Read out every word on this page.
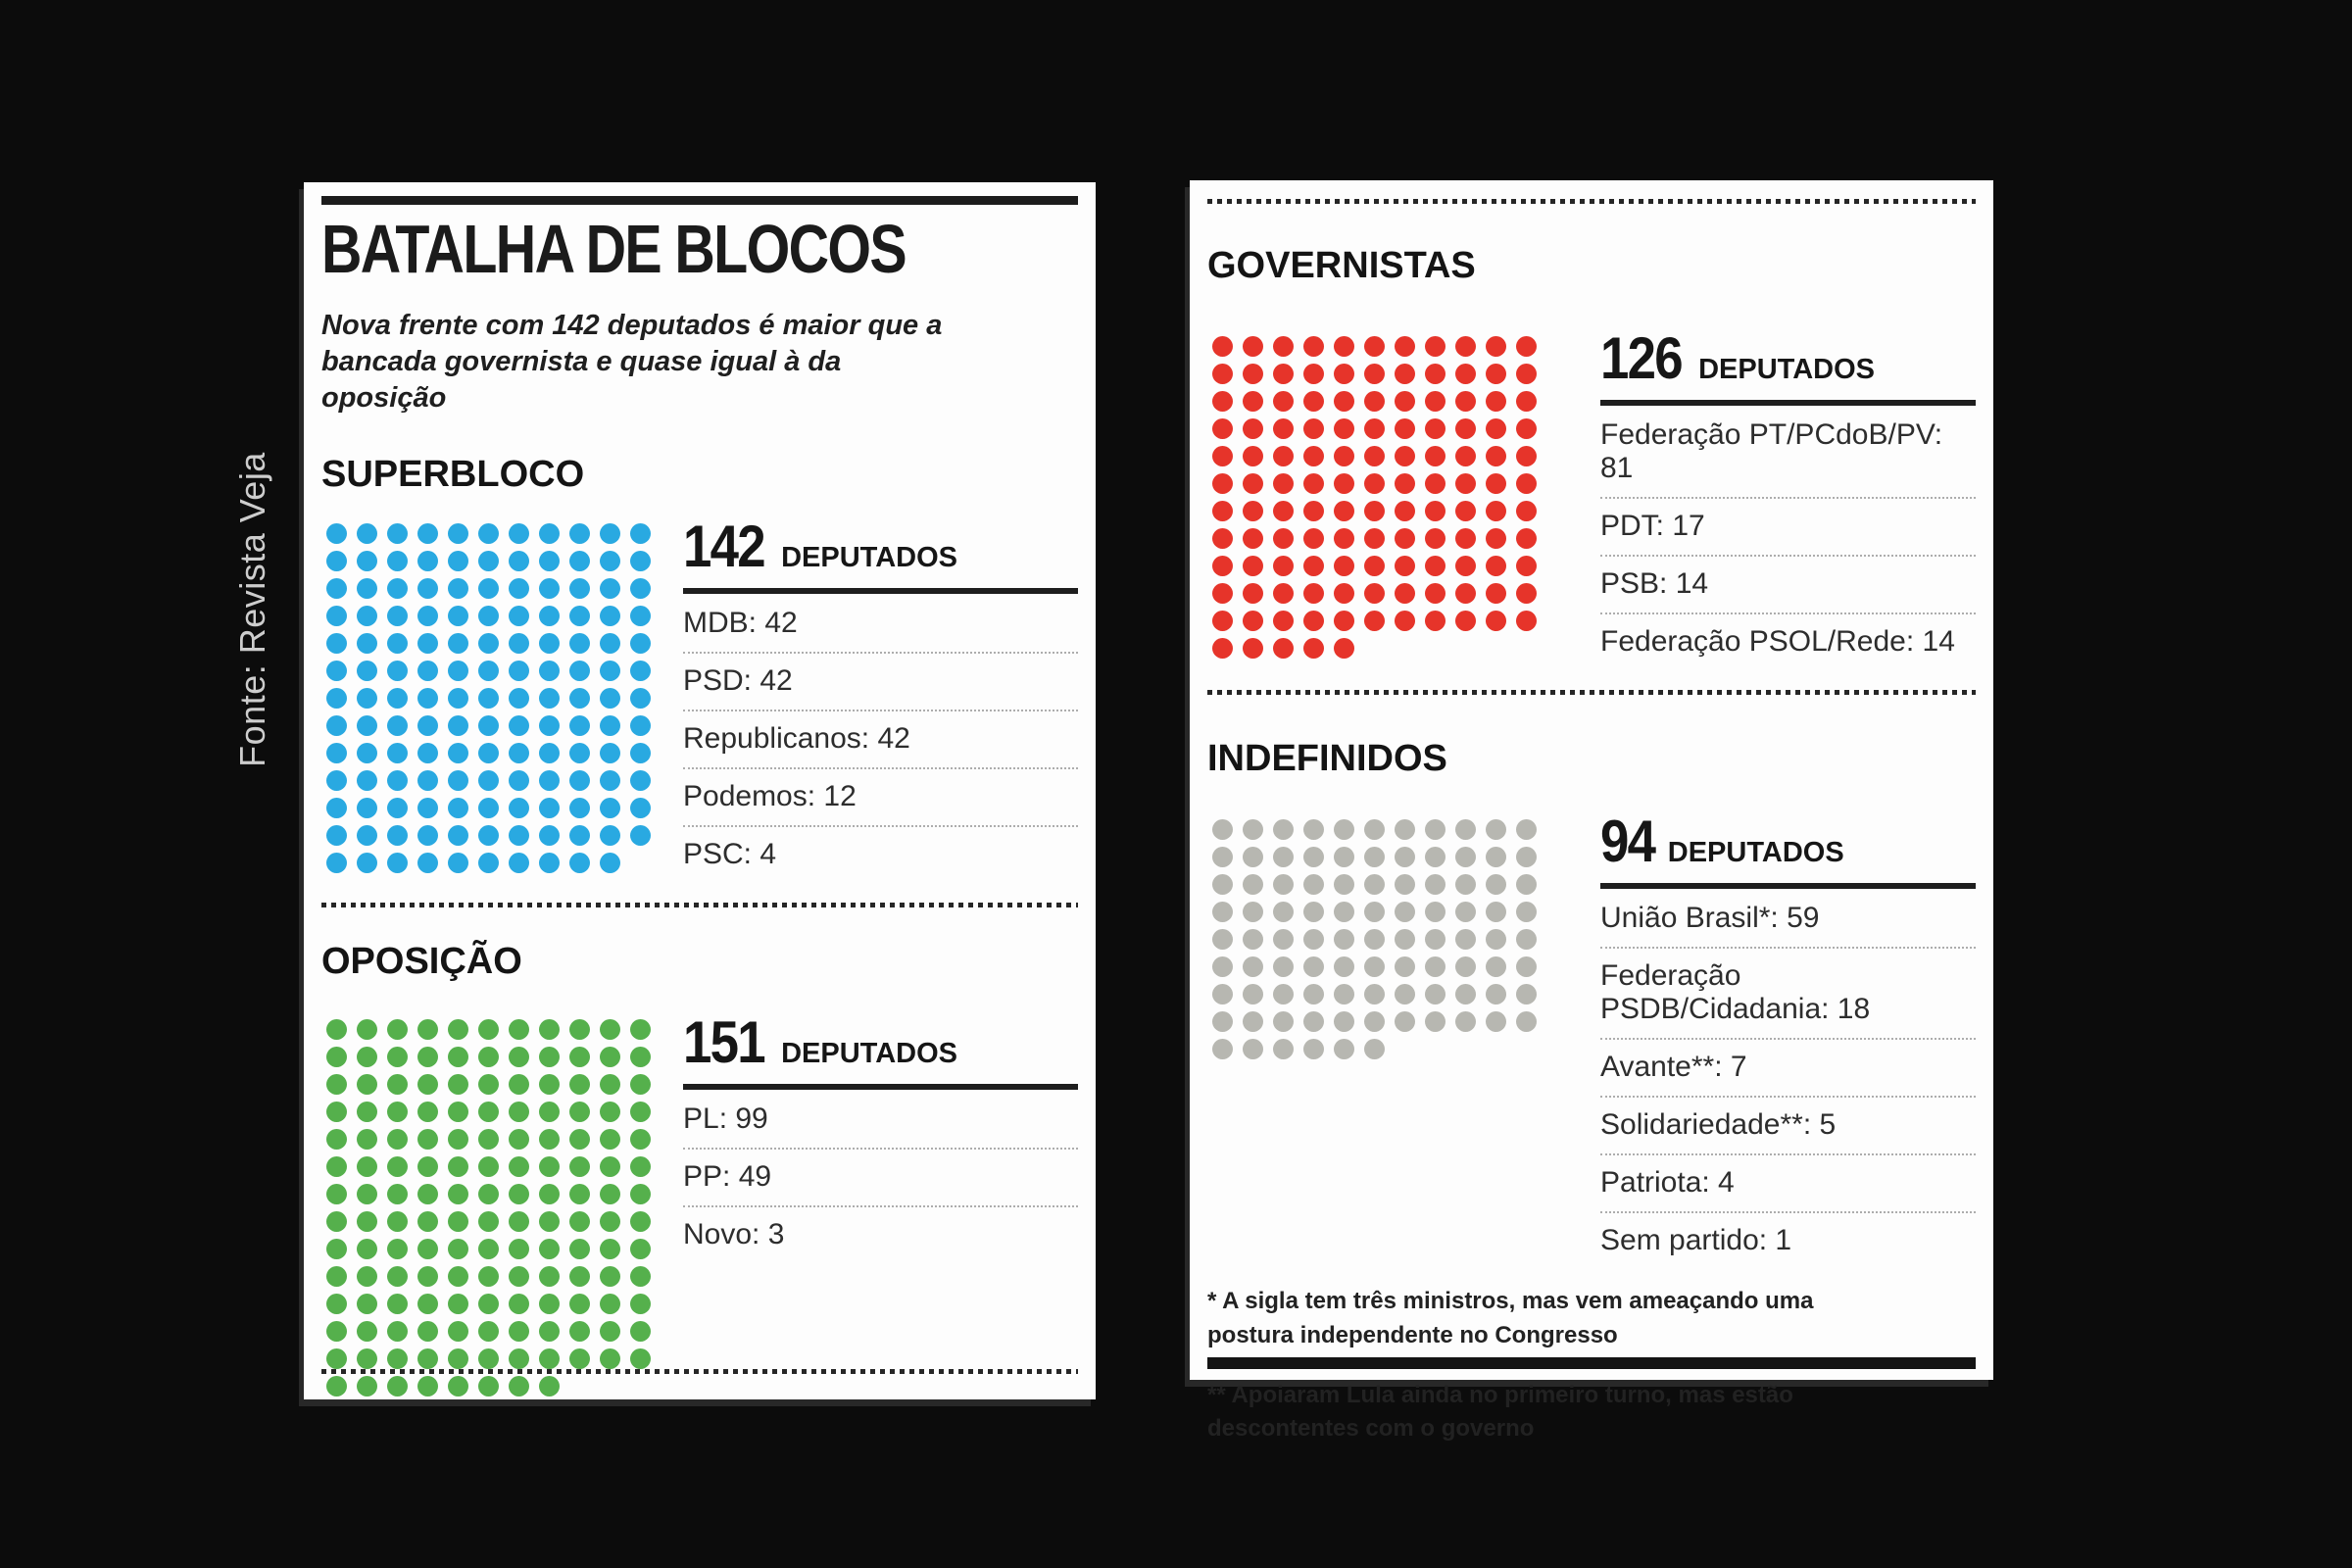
Fonte: Revista Veja
BATALHA DE BLOCOS
Nova frente com 142 deputados é maior que a bancada governista e quase igual à da oposição
SUPERBLOCO
142 DEPUTADOS
MDB: 42
PSD: 42
Republicanos: 42
Podemos: 12
PSC: 4
OPOSIÇÃO
151 DEPUTADOS
PL: 99
PP: 49
Novo: 3
GOVERNISTAS
126 DEPUTADOS
Federação PT/PCdoB/PV: 81
PDT: 17
PSB: 14
Federação PSOL/Rede: 14
INDEFINIDOS
94 DEPUTADOS
União Brasil*: 59
Federação PSDB/Cidadania: 18
Avante**: 7
Solidariedade**: 5
Patriota: 4
Sem partido: 1
* A sigla tem três ministros, mas vem ameaçando uma postura independente no Congresso
** Apoiaram Lula ainda no primeiro turno, mas estão descontentes com o governo
